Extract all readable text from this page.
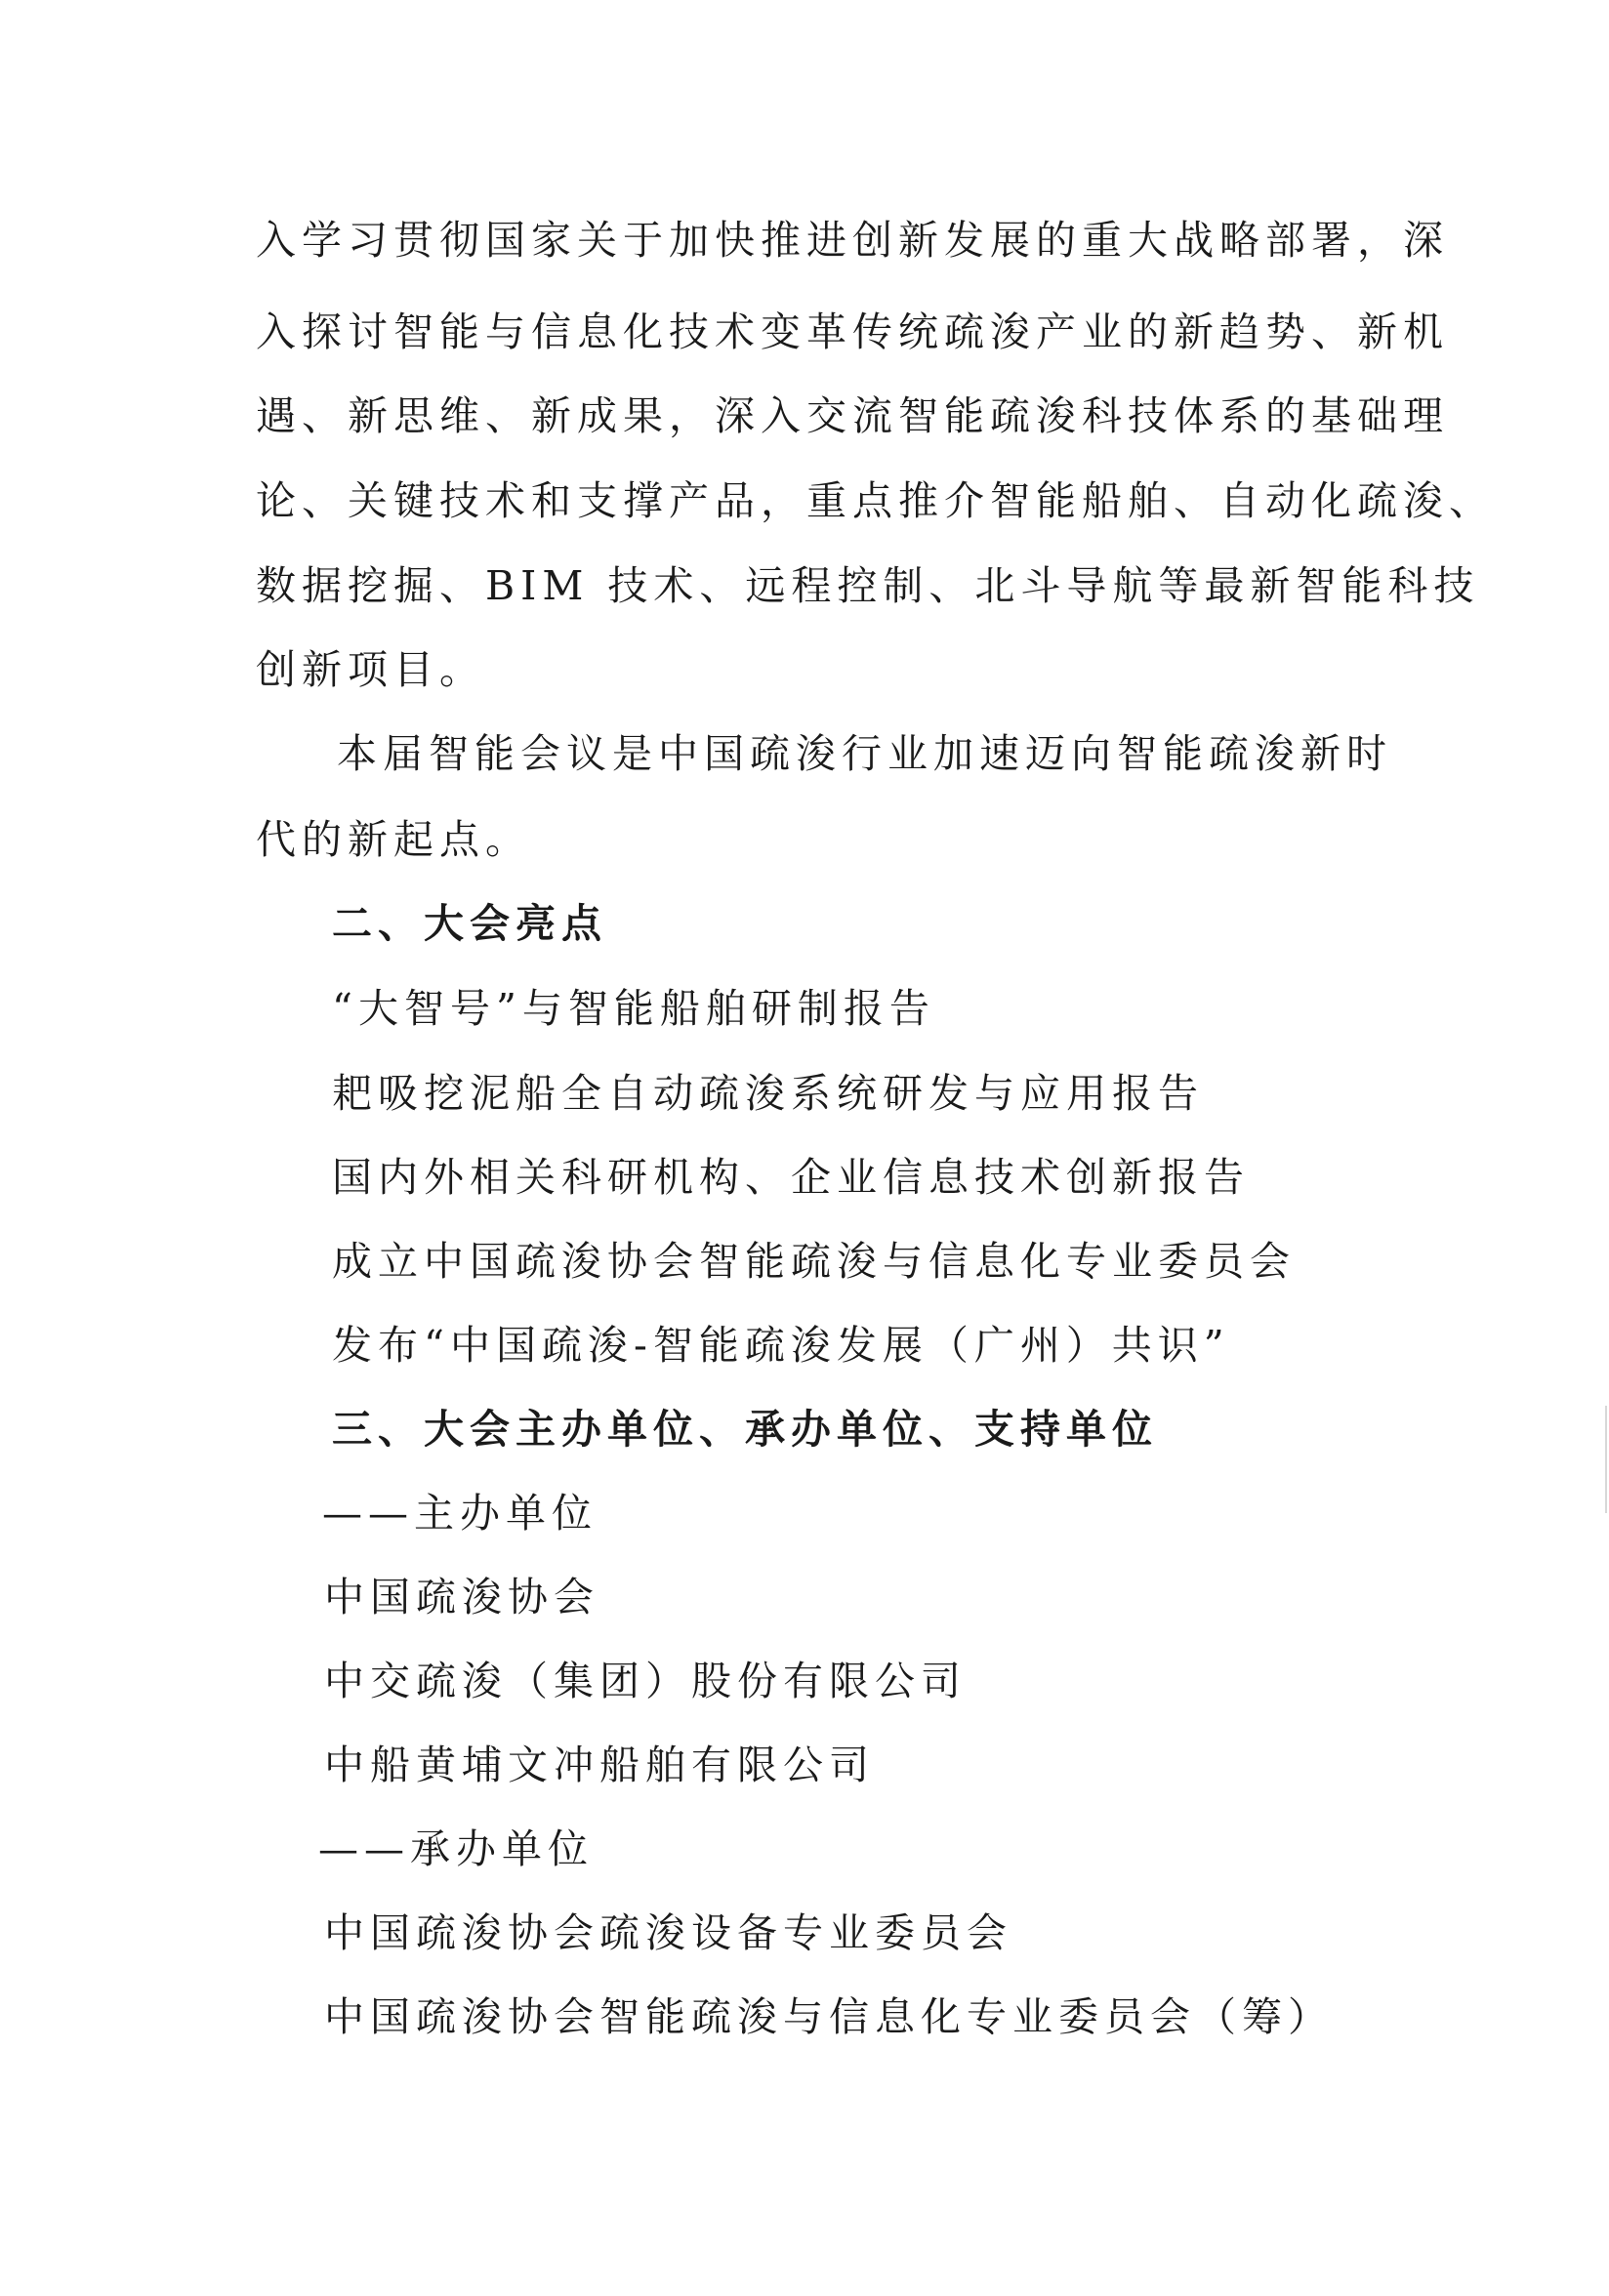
入学习贯彻国家关于加快推进创新发展的重大战略部署，深
入探讨智能与信息化技术变革传统疏浚产业的新趋势、新机
遇、新思维、新成果，深入交流智能疏浚科技体系的基础理
论、关键技术和支撑产品，重点推介智能船舶、自动化疏浚、
数据挖掘、BIM 技术、远程控制、北斗导航等最新智能科技
创新项目。
本届智能会议是中国疏浚行业加速迈向智能疏浚新时
代的新起点。
二、大会亮点
“大智号”与智能船舶研制报告
耙吸挖泥船全自动疏浚系统研发与应用报告
国内外相关科研机构、企业信息技术创新报告
成立中国疏浚协会智能疏浚与信息化专业委员会
发布“中国疏浚-智能疏浚发展（广州）共识”
三、大会主办单位、承办单位、支持单位
——主办单位
中国疏浚协会
中交疏浚（集团）股份有限公司
中船黄埔文冲船舶有限公司
——承办单位
中国疏浚协会疏浚设备专业委员会
中国疏浚协会智能疏浚与信息化专业委员会（筹）
